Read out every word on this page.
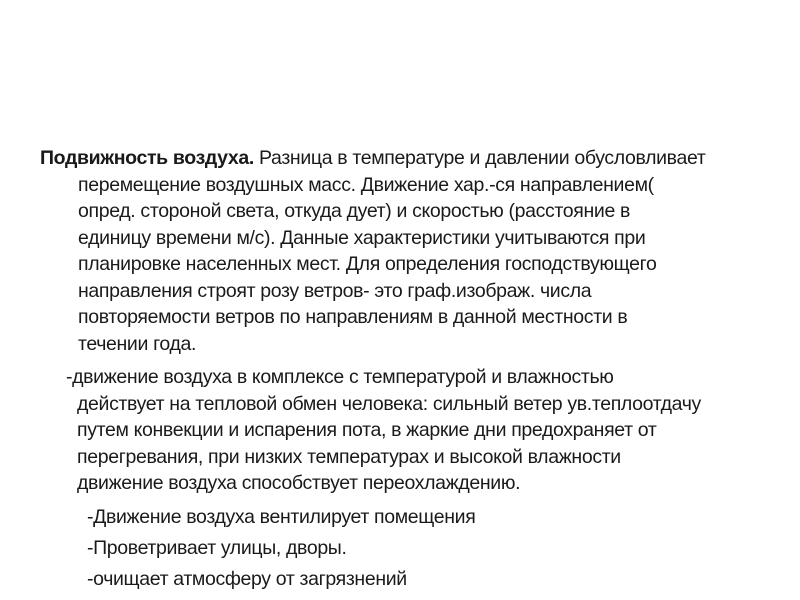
Подвижность воздуха. Разница в температуре и давлении обусловливает
перемещение воздушных масс. Движение хар.-ся направлением(
опред. стороной света, откуда дует) и скоростью (расстояние в
единицу времени м/с). Данные характеристики учитываются при
планировке населенных мест. Для определения господствующего
направления строят розу ветров- это граф.изображ. числа
повторяемости ветров по направлениям в данной местности в
течении года.

-движение воздуха в комплексе с температурой и влажностью
действует на тепловой обмен человека: сильный ветер ув.теплоотдачу
путем конвекции и испарения пота, в жаркие дни предохраняет от
перегревания, при низких температурах и высокой влажности
движение воздуха способствует переохлаждению.

-Движение воздуха вентилирует помещения

-Проветривает улицы, дворы.

-очищает атмосферу от загрязнений
